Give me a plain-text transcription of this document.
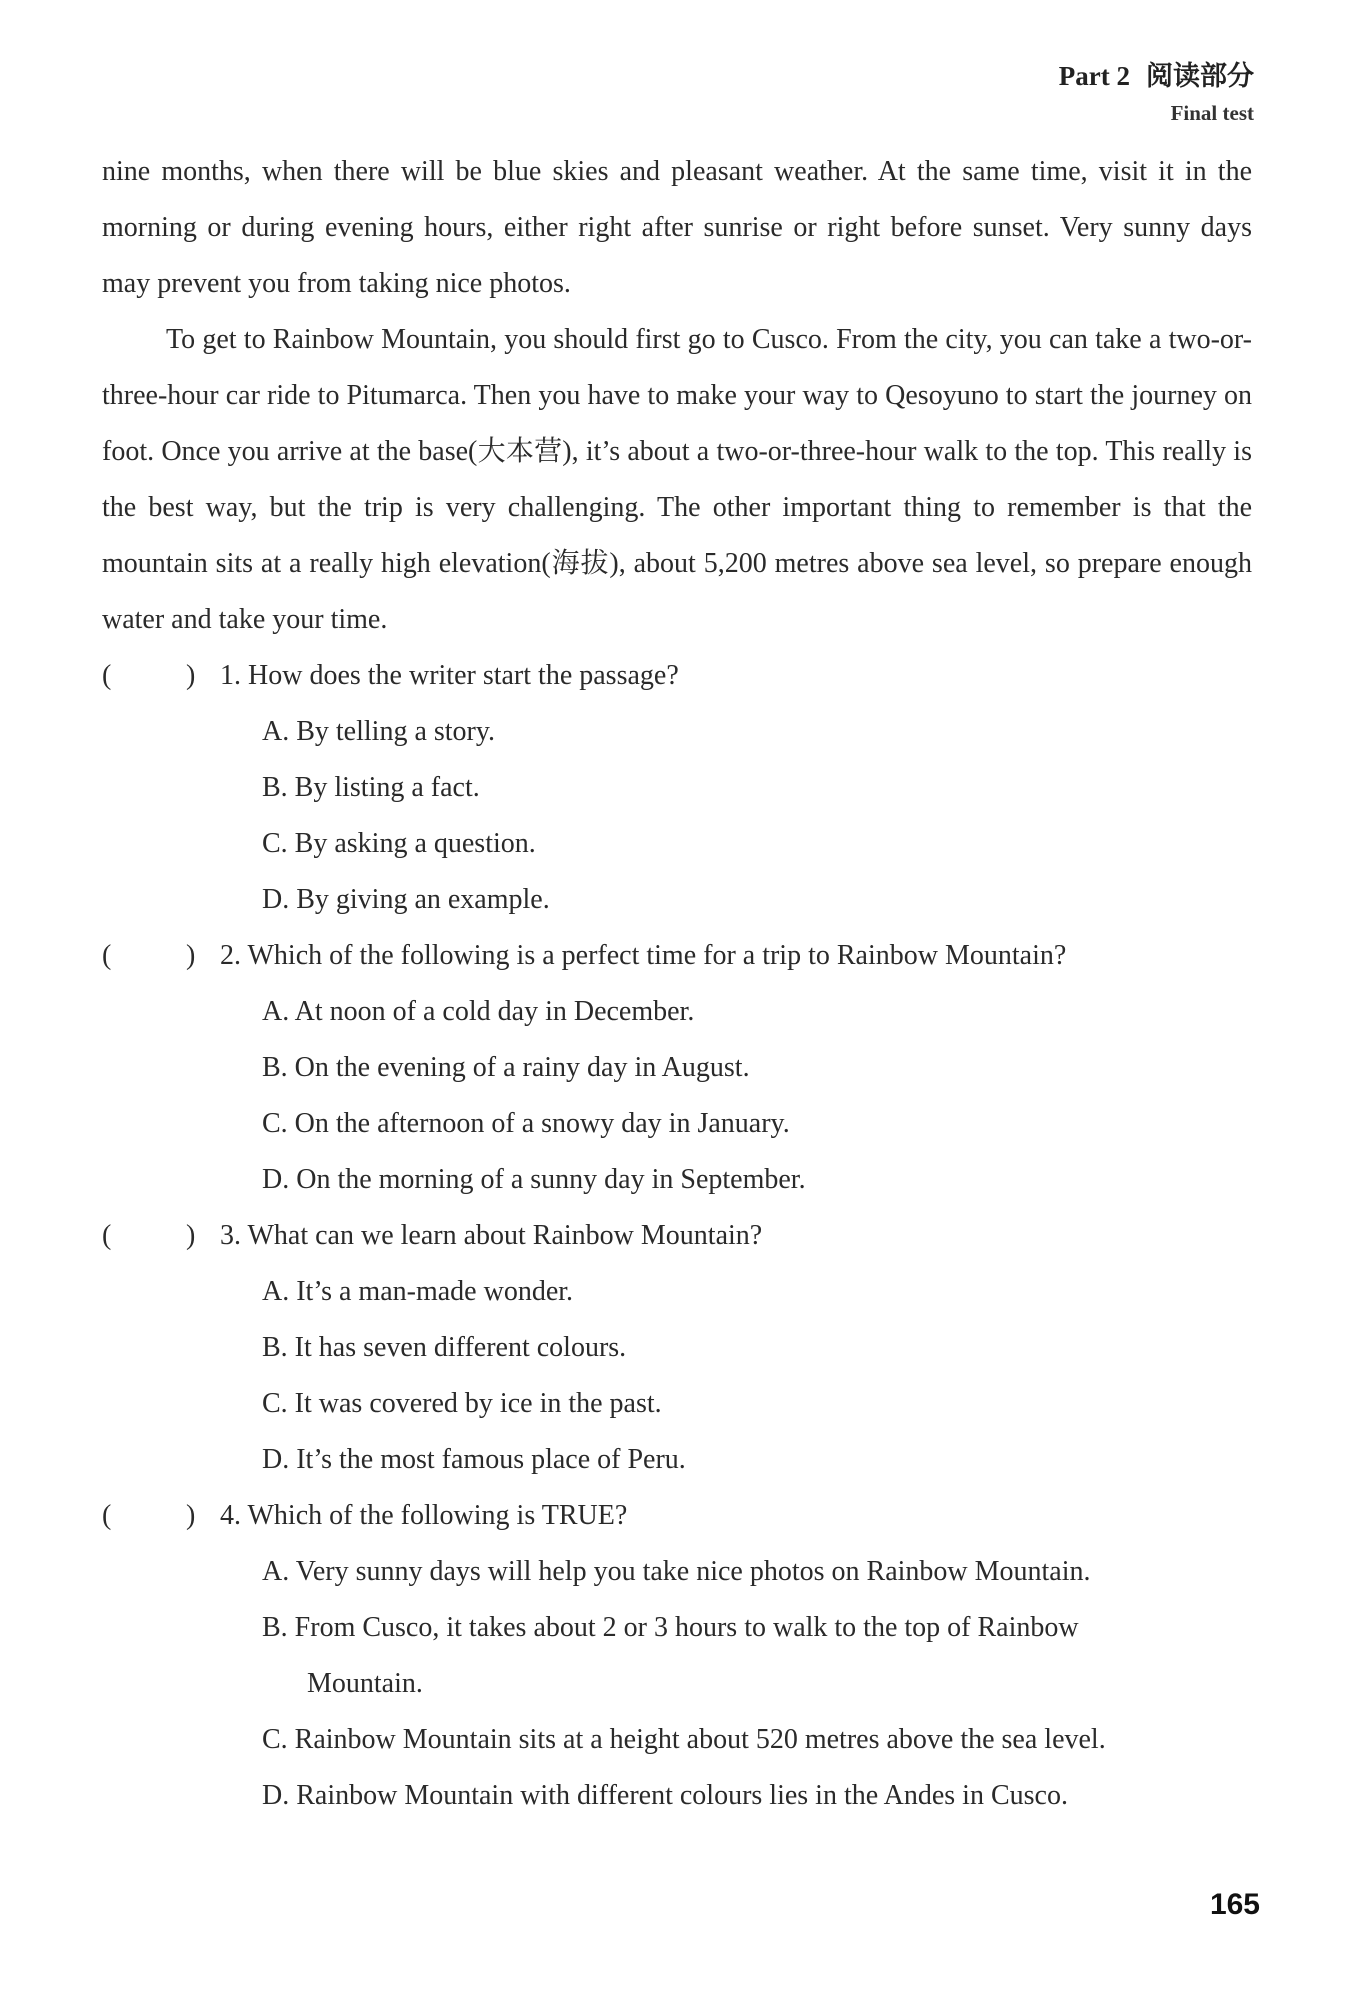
Part 2 阅读部分
Final test

nine months, when there will be blue skies and pleasant weather. At the same time, visit it in the morning or during evening hours, either right after sunrise or right before sunset. Very sunny days may prevent you from taking nice photos.

To get to Rainbow Mountain, you should first go to Cusco. From the city, you can take a two-or-three-hour car ride to Pitumarca. Then you have to make your way to Qesoyuno to start the journey on foot. Once you arrive at the base(大本营), it’s about a two-or-three-hour walk to the top. This really is the best way, but the trip is very challenging. The other important thing to remember is that the mountain sits at a really high elevation(海拔), about 5,200 metres above sea level, so prepare enough water and take your time.

(	) 1. How does the writer start the passage?
A. By telling a story.
B. By listing a fact.
C. By asking a question.
D. By giving an example.
(	) 2. Which of the following is a perfect time for a trip to Rainbow Mountain?
A. At noon of a cold day in December.
B. On the evening of a rainy day in August.
C. On the afternoon of a snowy day in January.
D. On the morning of a sunny day in September.
(	) 3. What can we learn about Rainbow Mountain?
A. It’s a man-made wonder.
B. It has seven different colours.
C. It was covered by ice in the past.
D. It’s the most famous place of Peru.
(	) 4. Which of the following is TRUE?
A. Very sunny days will help you take nice photos on Rainbow Mountain.
B. From Cusco, it takes about 2 or 3 hours to walk to the top of Rainbow
Mountain.
C. Rainbow Mountain sits at a height about 520 metres above the sea level.
D. Rainbow Mountain with different colours lies in the Andes in Cusco.
165
